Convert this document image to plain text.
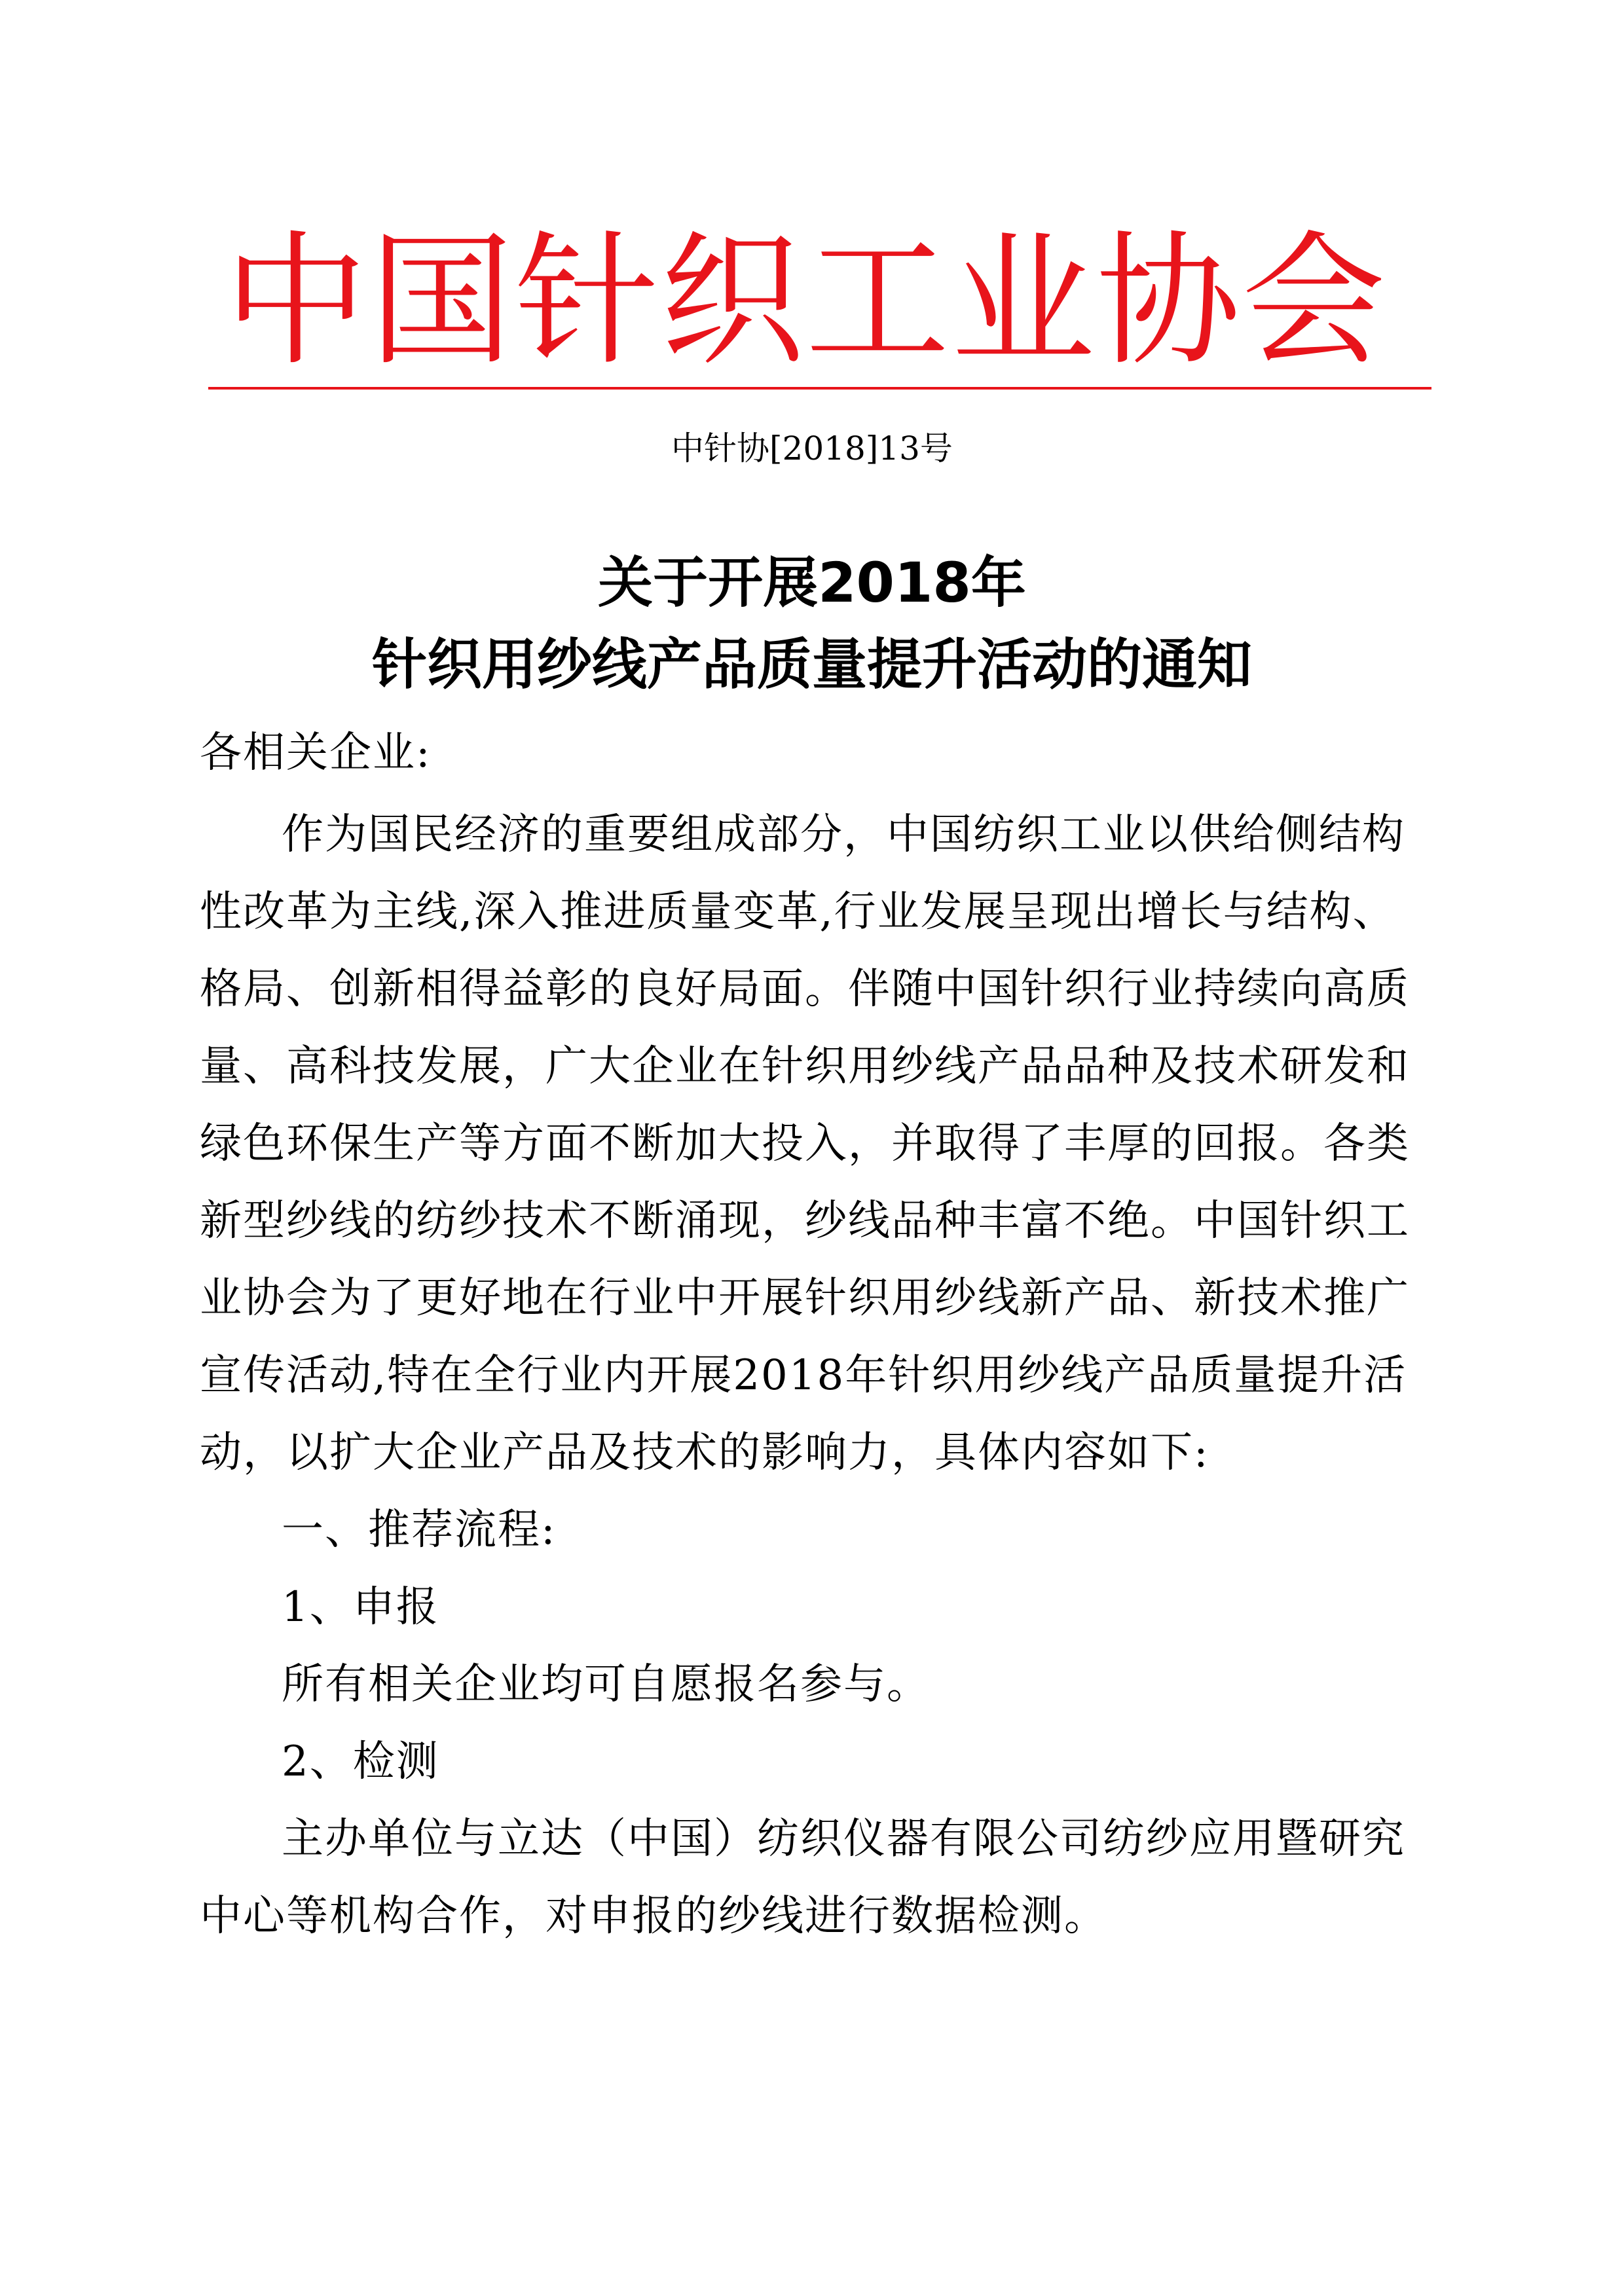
中国针织工业协会
中针协[2018]13号
关于开展2018年
针织用纱线产品质量提升活动的通知
各相关企业:
作为国民经济的重要组成部分，中国纺织工业以供给侧结构
性改革为主线,深入推进质量变革,行业发展呈现出增长与结构、
格局、创新相得益彰的良好局面。伴随中国针织行业持续向高质
量、高科技发展，广大企业在针织用纱线产品品种及技术研发和
绿色环保生产等方面不断加大投入，并取得了丰厚的回报。各类
新型纱线的纺纱技术不断涌现，纱线品种丰富不绝。中国针织工
业协会为了更好地在行业中开展针织用纱线新产品、新技术推广
宣传活动,特在全行业内开展2018年针织用纱线产品质量提升活
动，以扩大企业产品及技术的影响力，具体内容如下:
一、推荐流程:
1、申报
所有相关企业均可自愿报名参与。
2、检测
主办单位与立达（中国）纺织仪器有限公司纺纱应用暨研究
中心等机构合作，对申报的纱线进行数据检测。
